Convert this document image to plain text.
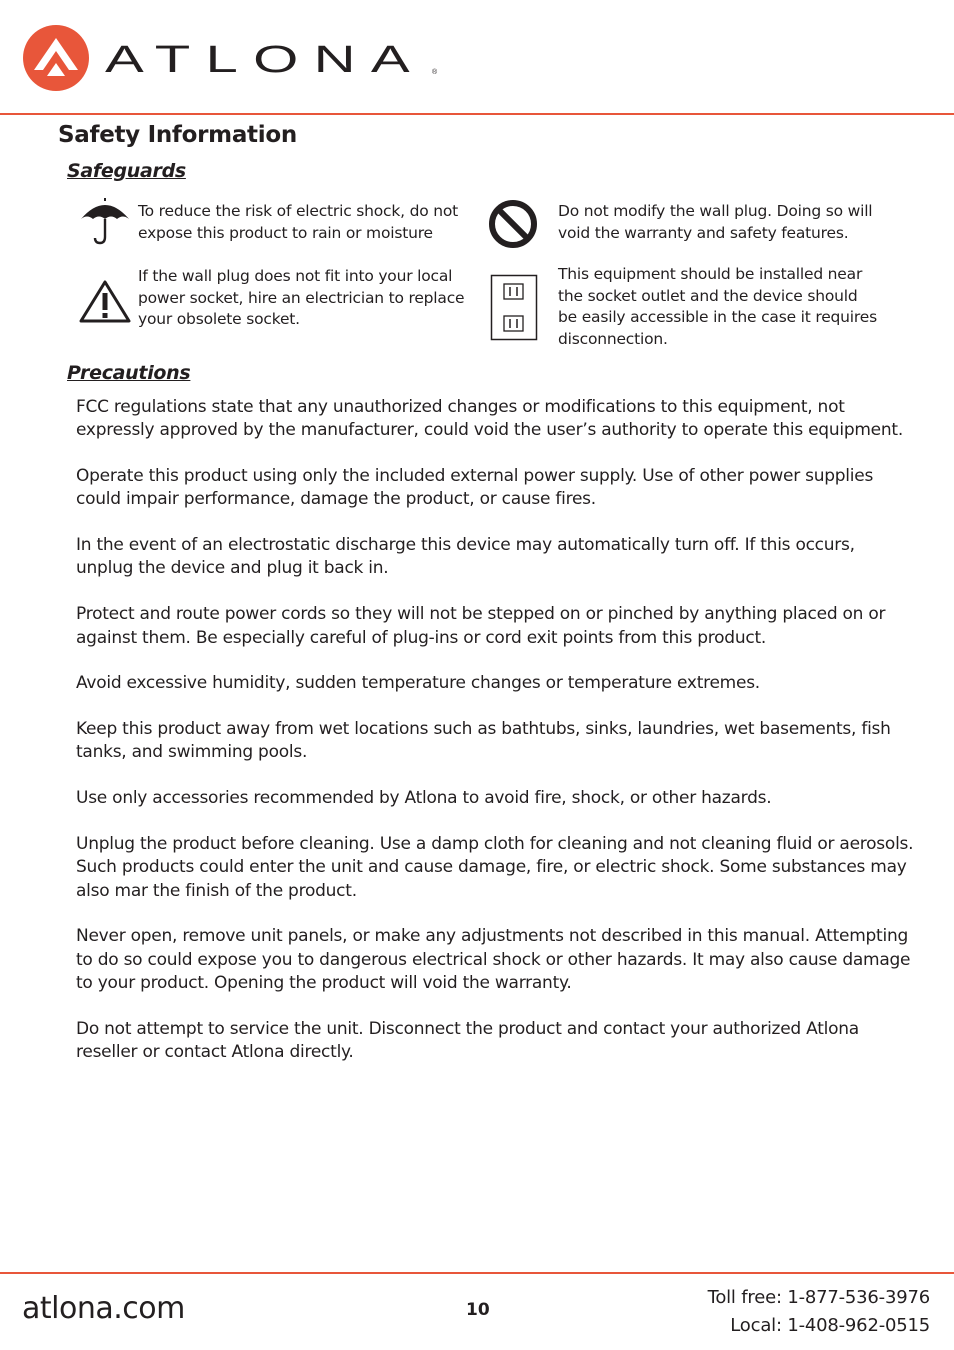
ATLONA ®
Safety Information
Safeguards
To reduce the risk of electric shock, do not expose this product to rain or moisture
Do not modify the wall plug. Doing so will void the warranty and safety features.
If the wall plug does not fit into your local power socket, hire an electrician to replace your obsolete socket.
This equipment should be installed near the socket outlet and the device should be easily accessible in the case it requires disconnection.
Precautions

FCC regulations state that any unauthorized changes or modifications to this equipment, not expressly approved by the manufacturer, could void the user’s authority to operate this equipment.

Operate this product using only the included external power supply. Use of other power supplies could impair performance, damage the product, or cause fires.

In the event of an electrostatic discharge this device may automatically turn off. If this occurs, unplug the device and plug it back in.

Protect and route power cords so they will not be stepped on or pinched by anything placed on or against them. Be especially careful of plug-ins or cord exit points from this product.

Avoid excessive humidity, sudden temperature changes or temperature extremes.

Keep this product away from wet locations such as bathtubs, sinks, laundries, wet basements, fish tanks, and swimming pools.

Use only accessories recommended by Atlona to avoid fire, shock, or other hazards.

Unplug the product before cleaning. Use a damp cloth for cleaning and not cleaning fluid or aerosols. Such products could enter the unit and cause damage, fire, or electric shock. Some substances may also mar the finish of the product.

Never open, remove unit panels, or make any adjustments not described in this manual. Attempting to do so could expose you to dangerous electrical shock or other hazards. It may also cause damage to your product. Opening the product will void the warranty.

Do not attempt to service the unit. Disconnect the product and contact your authorized Atlona reseller or contact Atlona directly.

atlona.com	10
Toll free: 1-877-536-3976
Local: 1-408-962-0515
